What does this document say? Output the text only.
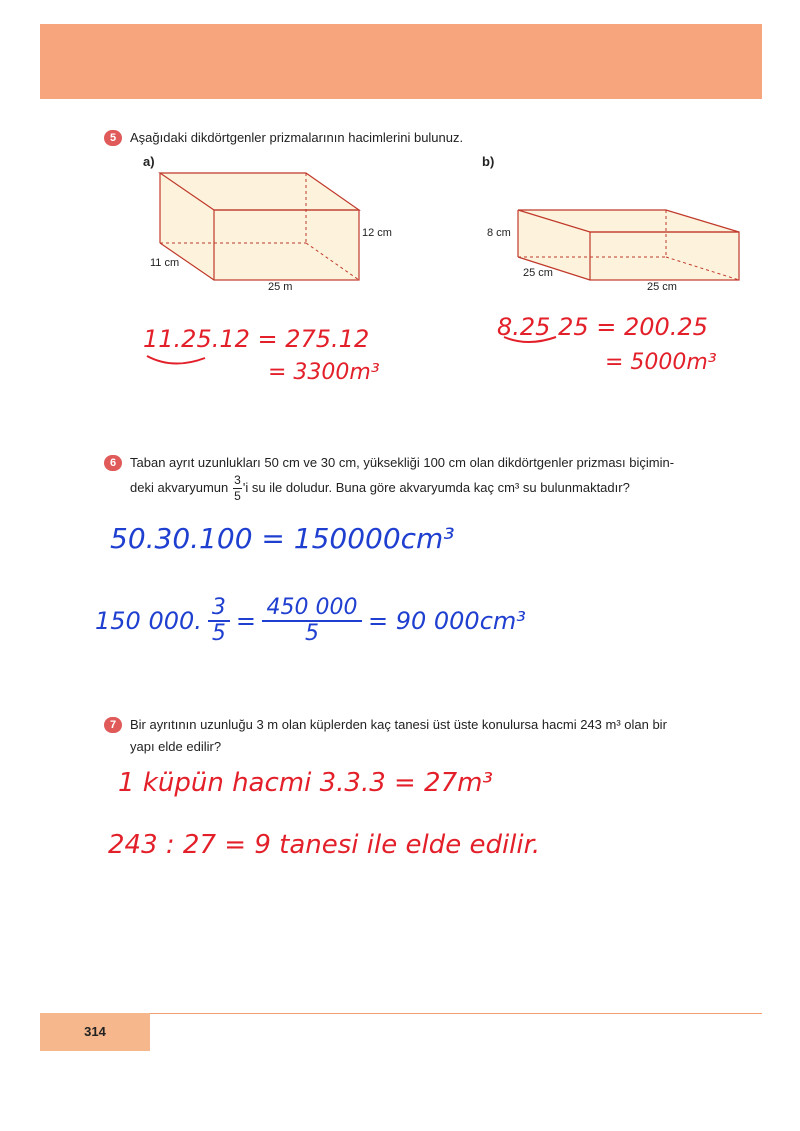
5	Aşağıdaki dikdörtgenler prizmalarının hacimlerini bulunuz.
a)	b)
12 cm
11 cm
25 m
8 cm
25 cm
25 cm
11.25.12 = 275.12
= 3300m³
8.25 25 = 200.25
= 5000m³
6	Taban ayrıt uzunlukları 50 cm ve 30 cm, yüksekliği 100 cm olan dikdörtgenler prizması biçimin-
deki akvaryumun $\frac{3}{5}$ 'i su ile doludur. Buna göre akvaryumda kaç cm³ su bulunmaktadır?
50.30.100 = 150000cm³
150 000. 3
5 = 450 000
5	= 90 000cm³
7	Bir ayrıtının uzunluğu 3 m olan küplerden kaç tanesi üst üste konulursa hacmi 243 m³ olan bir
yapı elde edilir?
1 küpün hacmi 3.3.3 = 27m³
243 : 27 = 9 tanesi ile elde edilir.
314
